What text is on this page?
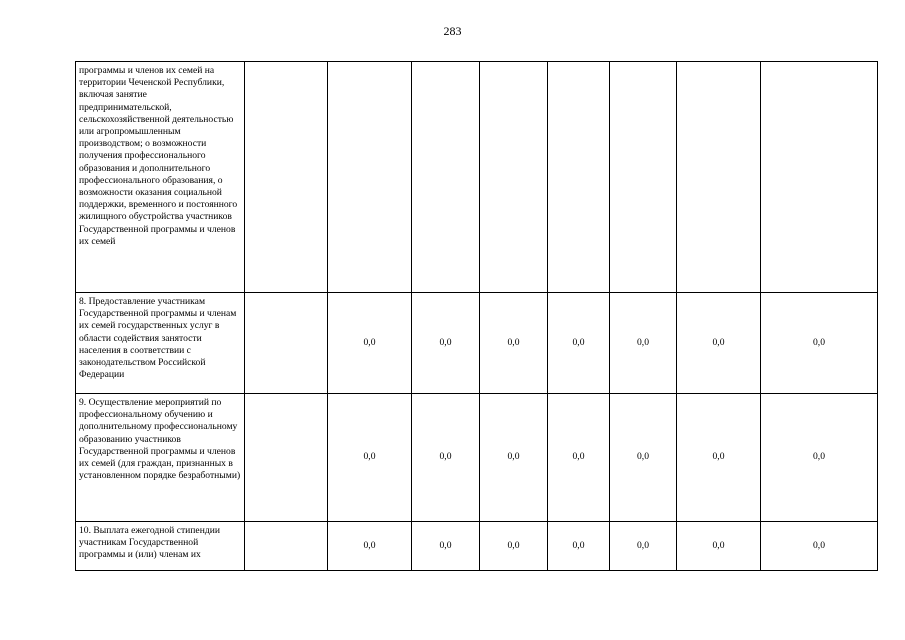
283
программы и членов их семей на территории Чеченской Республики, включая занятие предпринимательской, сельскохозяйственной деятельностью или агропромышленным производством; о возможности получения профессионального образования и дополнительного профессионального образования, о возможности оказания социальной поддержки, временного и постоянного жилищного обустройства участников Государственной программы и членов их семей								
8. Предоставление участникам Государственной программы и членам их семей государственных услуг в области содействия занятости населения в соответствии с законодательством Российской Федерации		0,0	0,0	0,0	0,0	0,0	0,0	0,0
9. Осуществление мероприятий по профессиональному обучению и дополнительному профессиональному образованию участников Государственной программы и членов их семей (для граждан, признанных в установленном порядке безработными)		0,0	0,0	0,0	0,0	0,0	0,0	0,0
10. Выплата ежегодной стипендии участникам Государственной программы и (или) членам их		0,0	0,0	0,0	0,0	0,0	0,0	0,0
